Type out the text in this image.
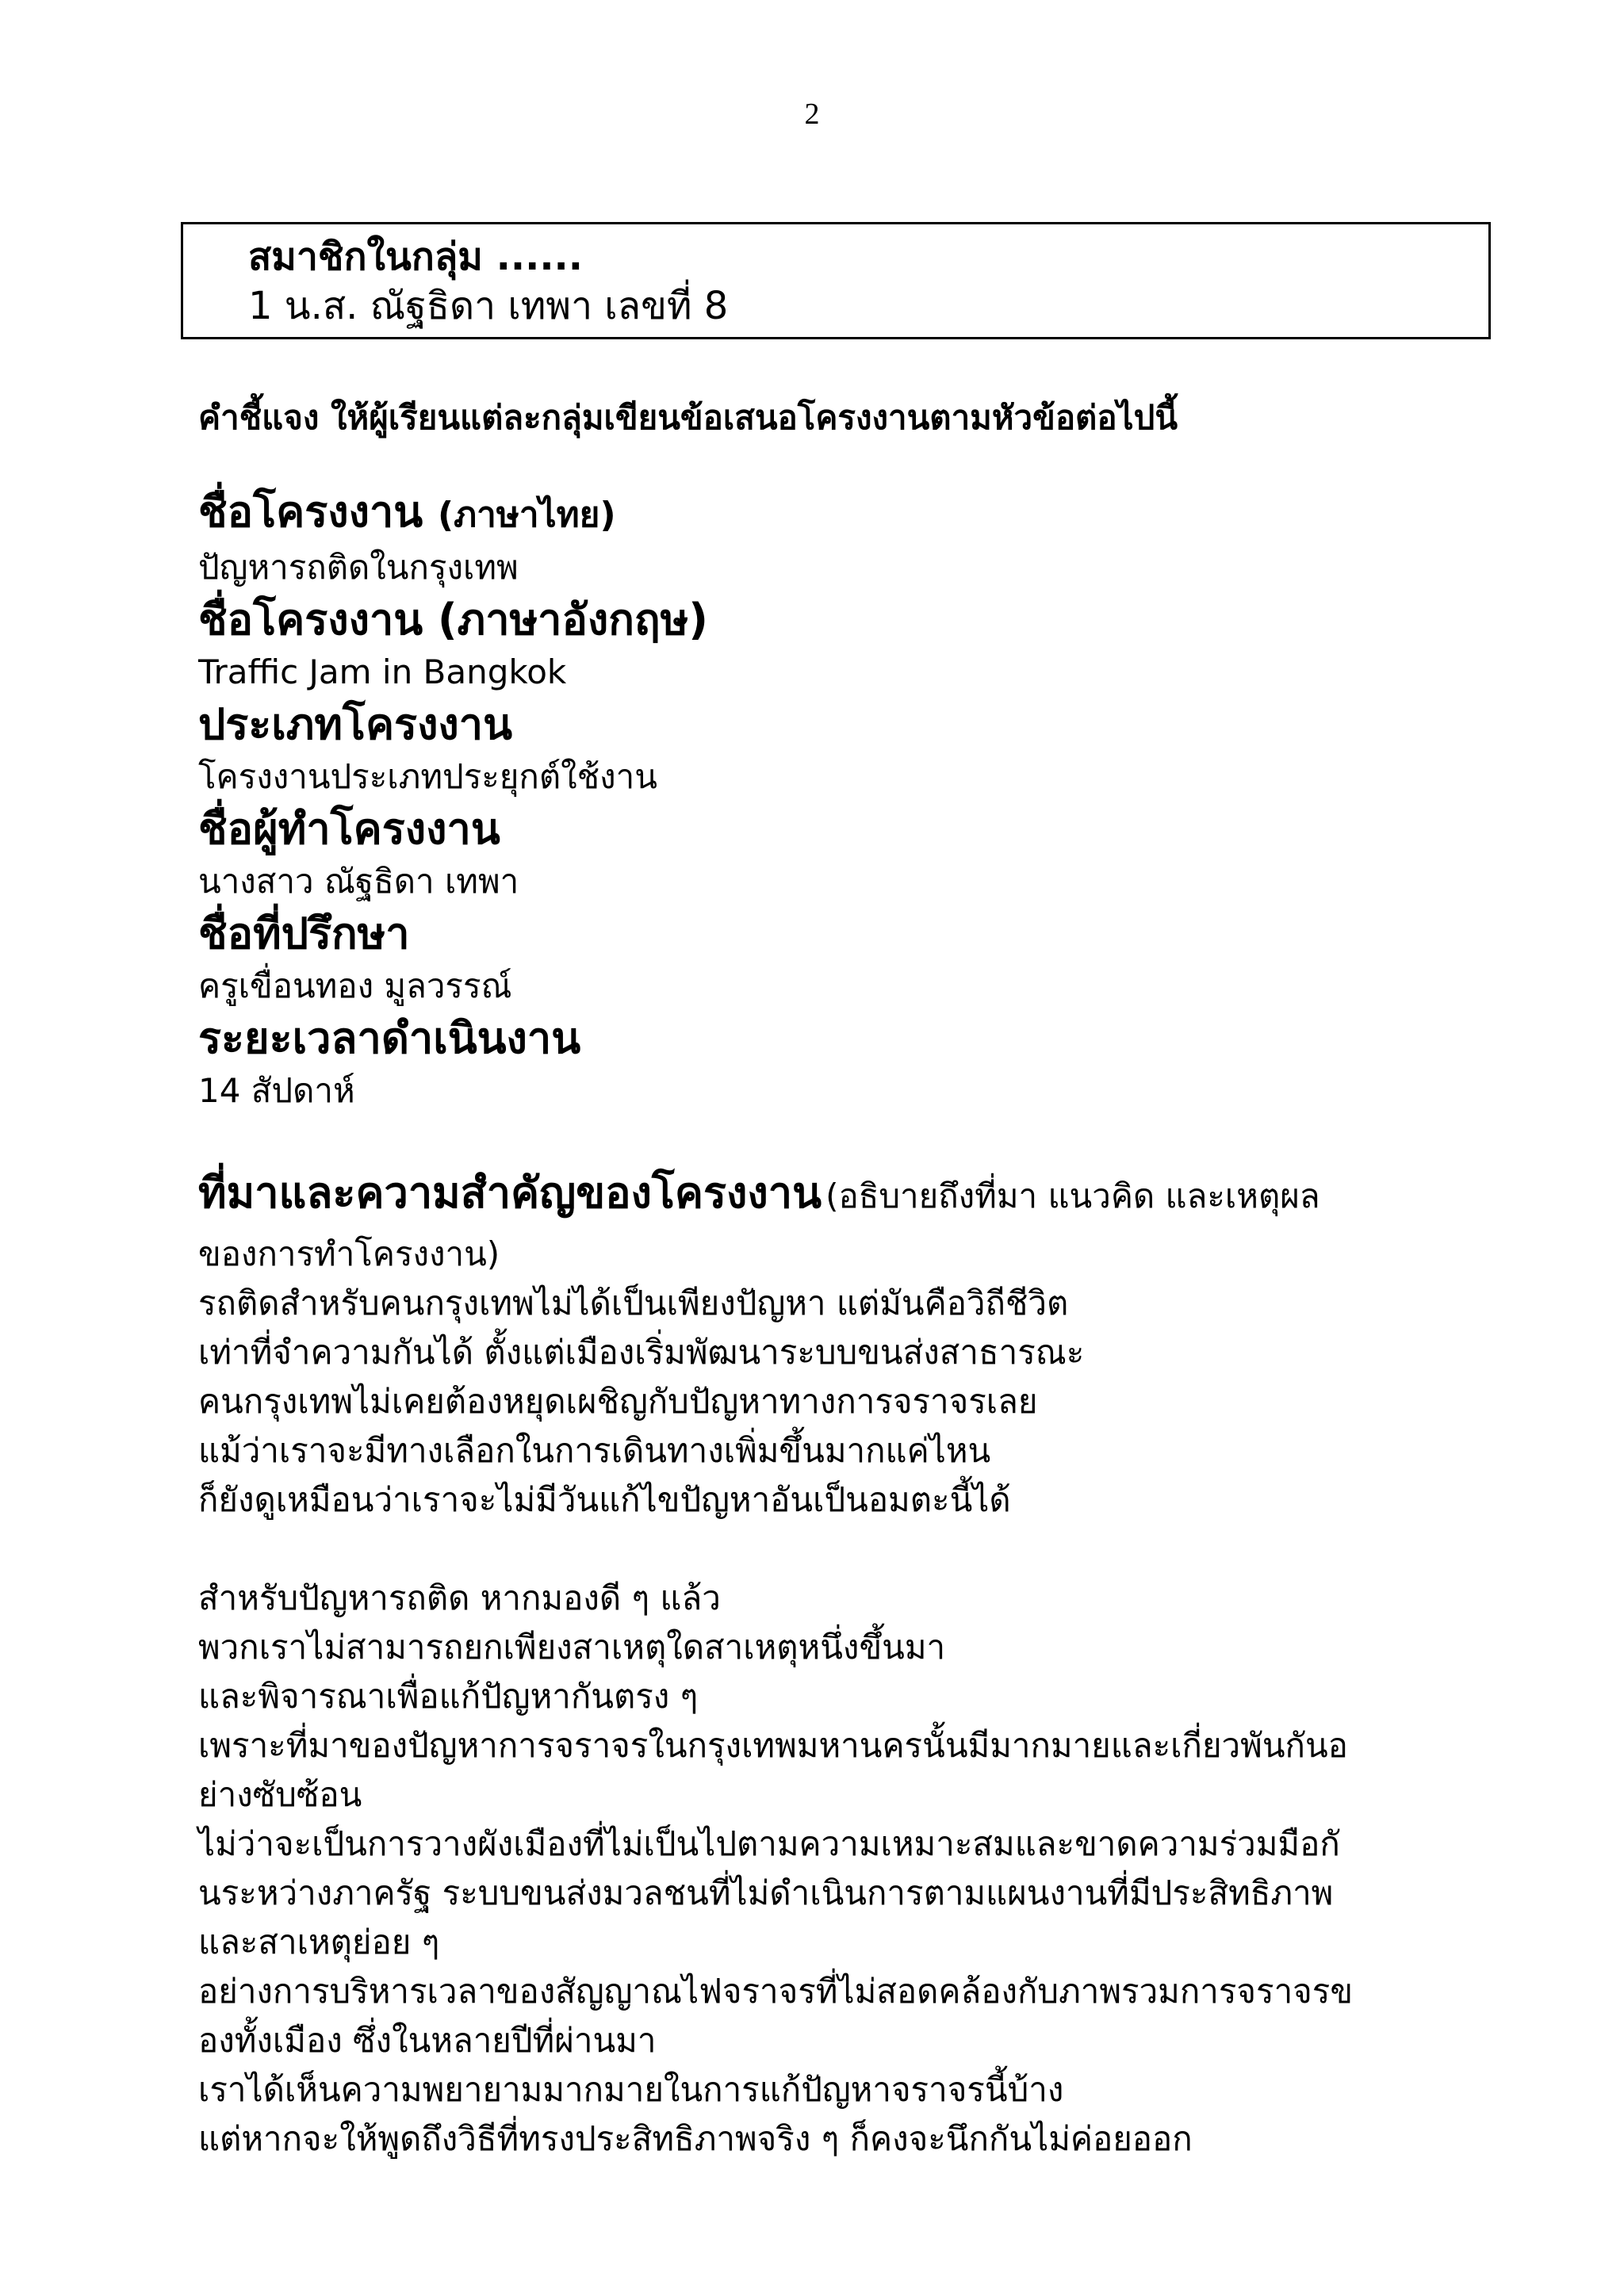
2
สมาชิกในกลุ่ม ......
1 น.ส. ณัฐธิดา เทพา เลขที่ 8
คำชี้แจง ให้ผู้เรียนแต่ละกลุ่มเขียนข้อเสนอโครงงานตามหัวข้อต่อไปนี้
ชื่อโครงงาน (ภาษาไทย)
ปัญหารถติดในกรุงเทพ
ชื่อโครงงาน (ภาษาอังกฤษ)
Traffic Jam in Bangkok
ประเภทโครงงาน
โครงงานประเภทประยุกต์ใช้งาน
ชื่อผู้ทำโครงงาน
นางสาว ณัฐธิดา เทพา
ชื่อที่ปรึกษา
ครูเขื่อนทอง มูลวรรณ์
ระยะเวลาดำเนินงาน
14 สัปดาห์
ที่มาและความสำคัญของโครงงาน (อธิบายถึงที่มา แนวคิด และเหตุผล
ของการทำโครงงาน)
รถติดสำหรับคนกรุงเทพไม่ได้เป็นเพียงปัญหา แต่มันคือวิถีชีวิต
เท่าที่จำความกันได้ ตั้งแต่เมืองเริ่มพัฒนาระบบขนส่งสาธารณะ
คนกรุงเทพไม่เคยต้องหยุดเผชิญกับปัญหาทางการจราจรเลย
แม้ว่าเราจะมีทางเลือกในการเดินทางเพิ่มขึ้นมากแค่ไหน
ก็ยังดูเหมือนว่าเราจะไม่มีวันแก้ไขปัญหาอันเป็นอมตะนี้ได้
สำหรับปัญหารถติด หากมองดี ๆ แล้ว
พวกเราไม่สามารถยกเพียงสาเหตุใดสาเหตุหนึ่งขึ้นมา
และพิจารณาเพื่อแก้ปัญหากันตรง ๆ
เพราะที่มาของปัญหาการจราจรในกรุงเทพมหานครนั้นมีมากมายและเกี่ยวพันกันอ
ย่างซับซ้อน
ไม่ว่าจะเป็นการวางผังเมืองที่ไม่เป็นไปตามความเหมาะสมและขาดความร่วมมือกั
นระหว่างภาครัฐ ระบบขนส่งมวลชนที่ไม่ดำเนินการตามแผนงานที่มีประสิทธิภาพ
และสาเหตุย่อย ๆ
อย่างการบริหารเวลาของสัญญาณไฟจราจรที่ไม่สอดคล้องกับภาพรวมการจราจรข
องทั้งเมือง ซึ่งในหลายปีที่ผ่านมา
เราได้เห็นความพยายามมากมายในการแก้ปัญหาจราจรนี้บ้าง
แต่หากจะให้พูดถึงวิธีที่ทรงประสิทธิภาพจริง ๆ ก็คงจะนึกกันไม่ค่อยออก
